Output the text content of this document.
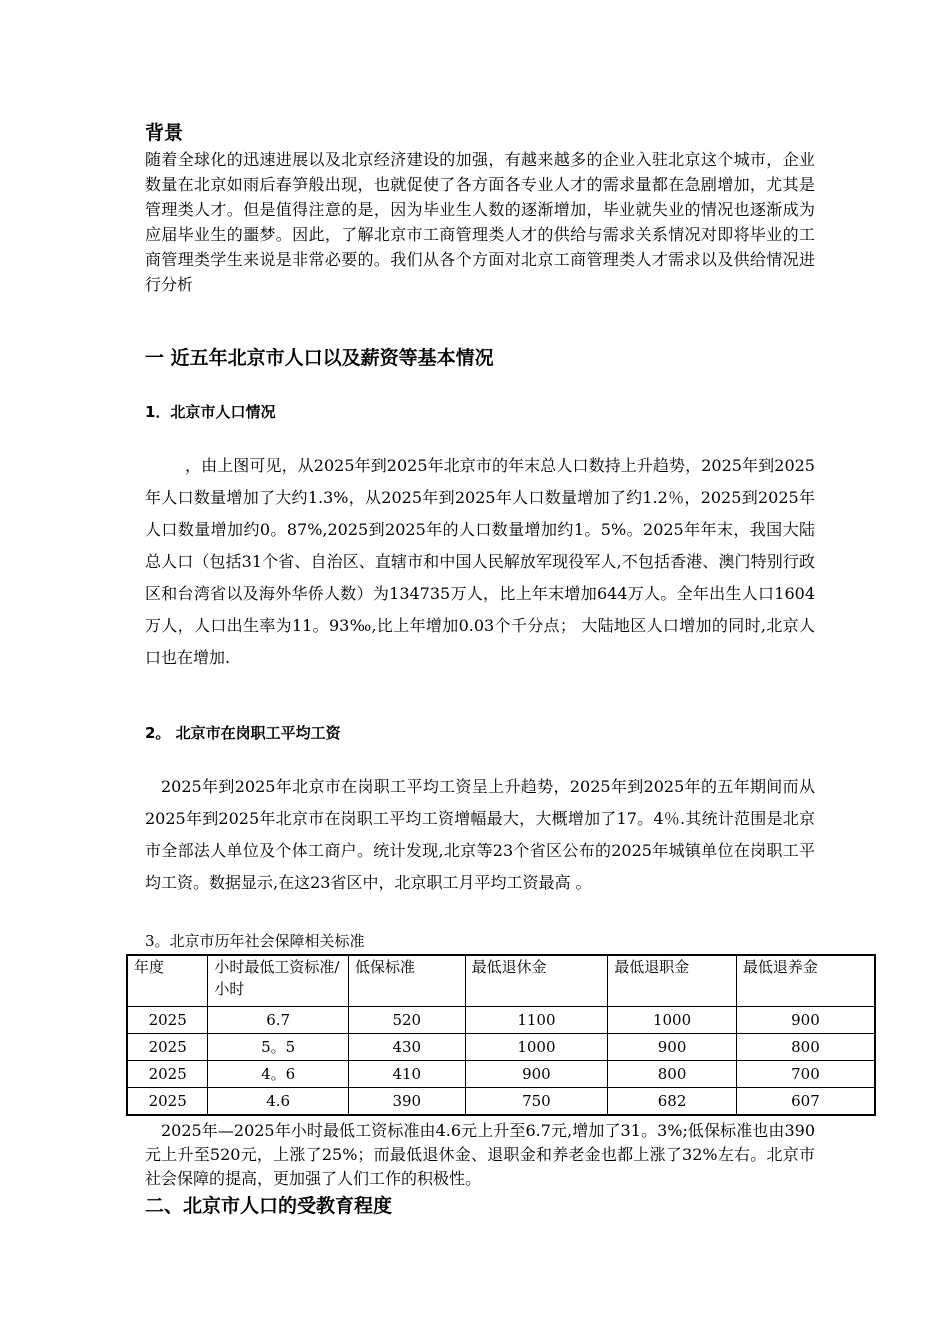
背景

随着全球化的迅速进展以及北京经济建设的加强，有越来越多的企业入驻北京这个城市，企业数量在北京如雨后春笋般出现，也就促使了各方面各专业人才的需求量都在急剧增加，尤其是管理类人才。但是值得注意的是，因为毕业生人数的逐渐增加，毕业就失业的情况也逐渐成为应届毕业生的噩梦。因此，了解北京市工商管理类人才的供给与需求关系情况对即将毕业的工商管理类学生来说是非常必要的。我们从各个方面对北京工商管理类人才需求以及供给情况进行分析

一 近五年北京市人口以及薪资等基本情况
1．北京市人口情况

，由上图可见，从2025年到2025年北京市的年末总人口数持上升趋势，2025年到2025年人口数量增加了大约1.3%，从2025年到2025年人口数量增加了约1.2％，2025到2025年人口数量增加约0。87%,2025到2025年的人口数量增加约1。5%。2025年年末，我国大陆总人口（包括31个省、自治区、直辖市和中国人民解放军现役军人,不包括香港、澳门特别行政区和台湾省以及海外华侨人数）为134735万人，比上年末增加644万人。全年出生人口1604万人，人口出生率为11。93‰,比上年增加0.03个千分点； 大陆地区人口增加的同时,北京人口也在增加.

2。 北京市在岗职工平均工资

2025年到2025年北京市在岗职工平均工资呈上升趋势，2025年到2025年的五年期间而从2025年到2025年北京市在岗职工平均工资增幅最大，大概增加了17。4％.其统计范围是北京市全部法人单位及个体工商户。统计发现,北京等23个省区公布的2025年城镇单位在岗职工平均工资。数据显示,在这23省区中，北京职工月平均工资最高 。

3。北京市历年社会保障相关标准
年度	小时最低工资标准/小时	低保标准	最低退休金	最低退职金	最低退养金
2025	6.7	520	1100	1000	900
2025	5。5	430	1000	900	800
2025	4。6	410	900	800	700
2025	4.6	390	750	682	607

2025年—2025年小时最低工资标准由4.6元上升至6.7元,增加了31。3%;低保标准也由390元上升至520元，上涨了25%；而最低退休金、退职金和养老金也都上涨了32%左右。北京市社会保障的提高，更加强了人们工作的积极性。

二、北京市人口的受教育程度
